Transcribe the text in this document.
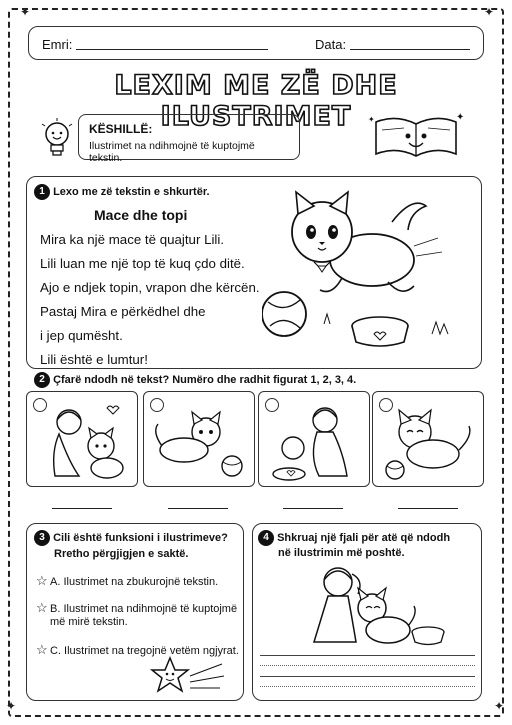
Emri:	Data:
LEXIM ME ZË DHE ILUSTRIMET
KËSHILLË:
Ilustrimet na ndihmojnë të kuptojmë tekstin.
✦
✦
1 Lexo me zë tekstin e shkurtër.
Mace dhe topi
Mira ka një mace të quajtur Lili.
Lili luan me një top të kuq çdo ditë.
Ajo e ndjek topin, vrapon dhe kërcën.
Pastaj Mira e përkëdhel dhe
i jep qumësht.
Lili është e lumtur!
2 Çfarë ndodh në tekst? Numëro dhe radhit figurat 1, 2, 3, 4.
3 Cili është funksioni i ilustrimeve?
Rretho përgjigjen e saktë.
☆ A. Ilustrimet na zbukurojnë tekstin.
☆ B. Ilustrimet na ndihmojnë të kuptojmë
më mirë tekstin.
☆ C. Ilustrimet na tregojnë vetëm ngjyrat.
4 Shkruaj një fjali për atë që ndodh
në ilustrimin më poshtë.
✦	✦
✦	✦
